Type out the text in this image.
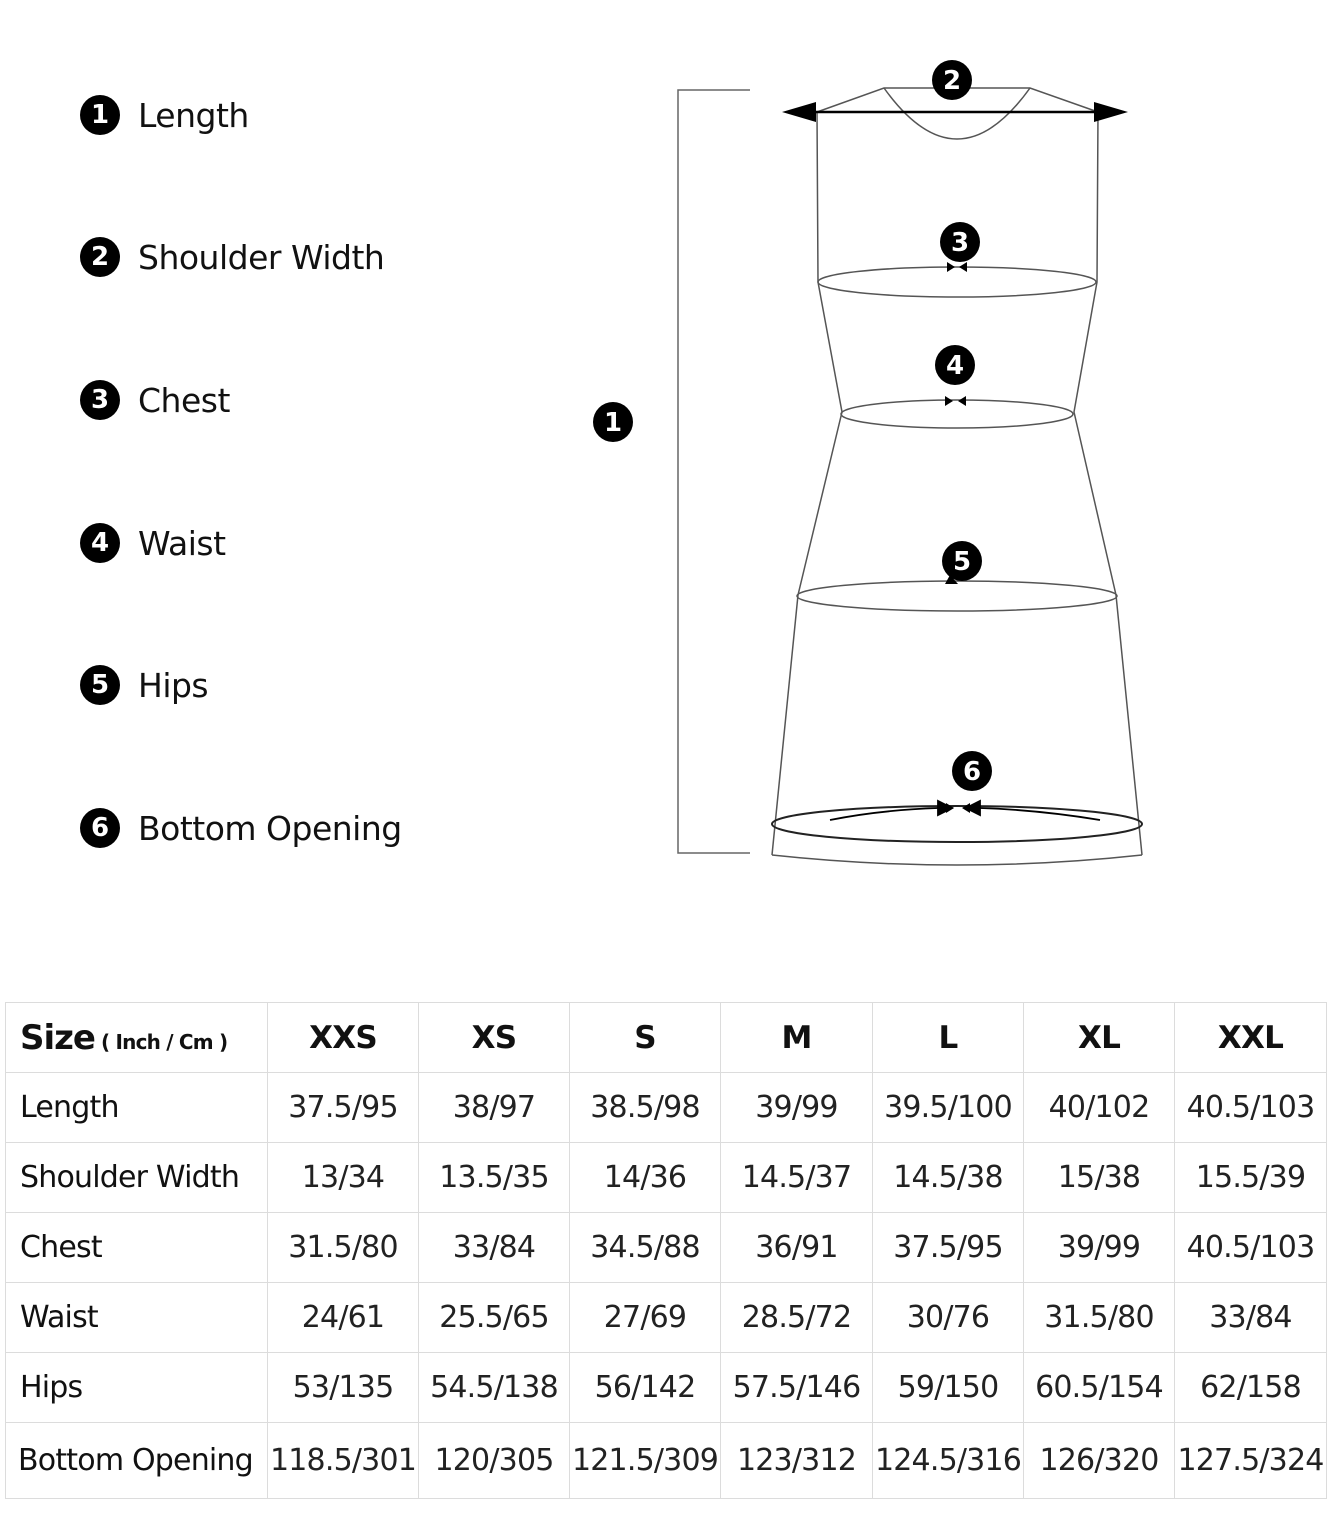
1 Length
2 Shoulder Width
3 Chest
4 Waist
5 Hips
6 Bottom Opening
1
2
3
4
5
6
Size ( Inch / Cm )	XXS	XS	S	M	L	XL	XXL
Length	37.5/95	38/97	38.5/98	39/99	39.5/100	40/102	40.5/103
Shoulder Width	13/34	13.5/35	14/36	14.5/37	14.5/38	15/38	15.5/39
Chest	31.5/80	33/84	34.5/88	36/91	37.5/95	39/99	40.5/103
Waist	24/61	25.5/65	27/69	28.5/72	30/76	31.5/80	33/84
Hips	53/135	54.5/138	56/142	57.5/146	59/150	60.5/154	62/158
Bottom Opening	118.5/301	120/305	121.5/309	123/312	124.5/316	126/320	127.5/324
